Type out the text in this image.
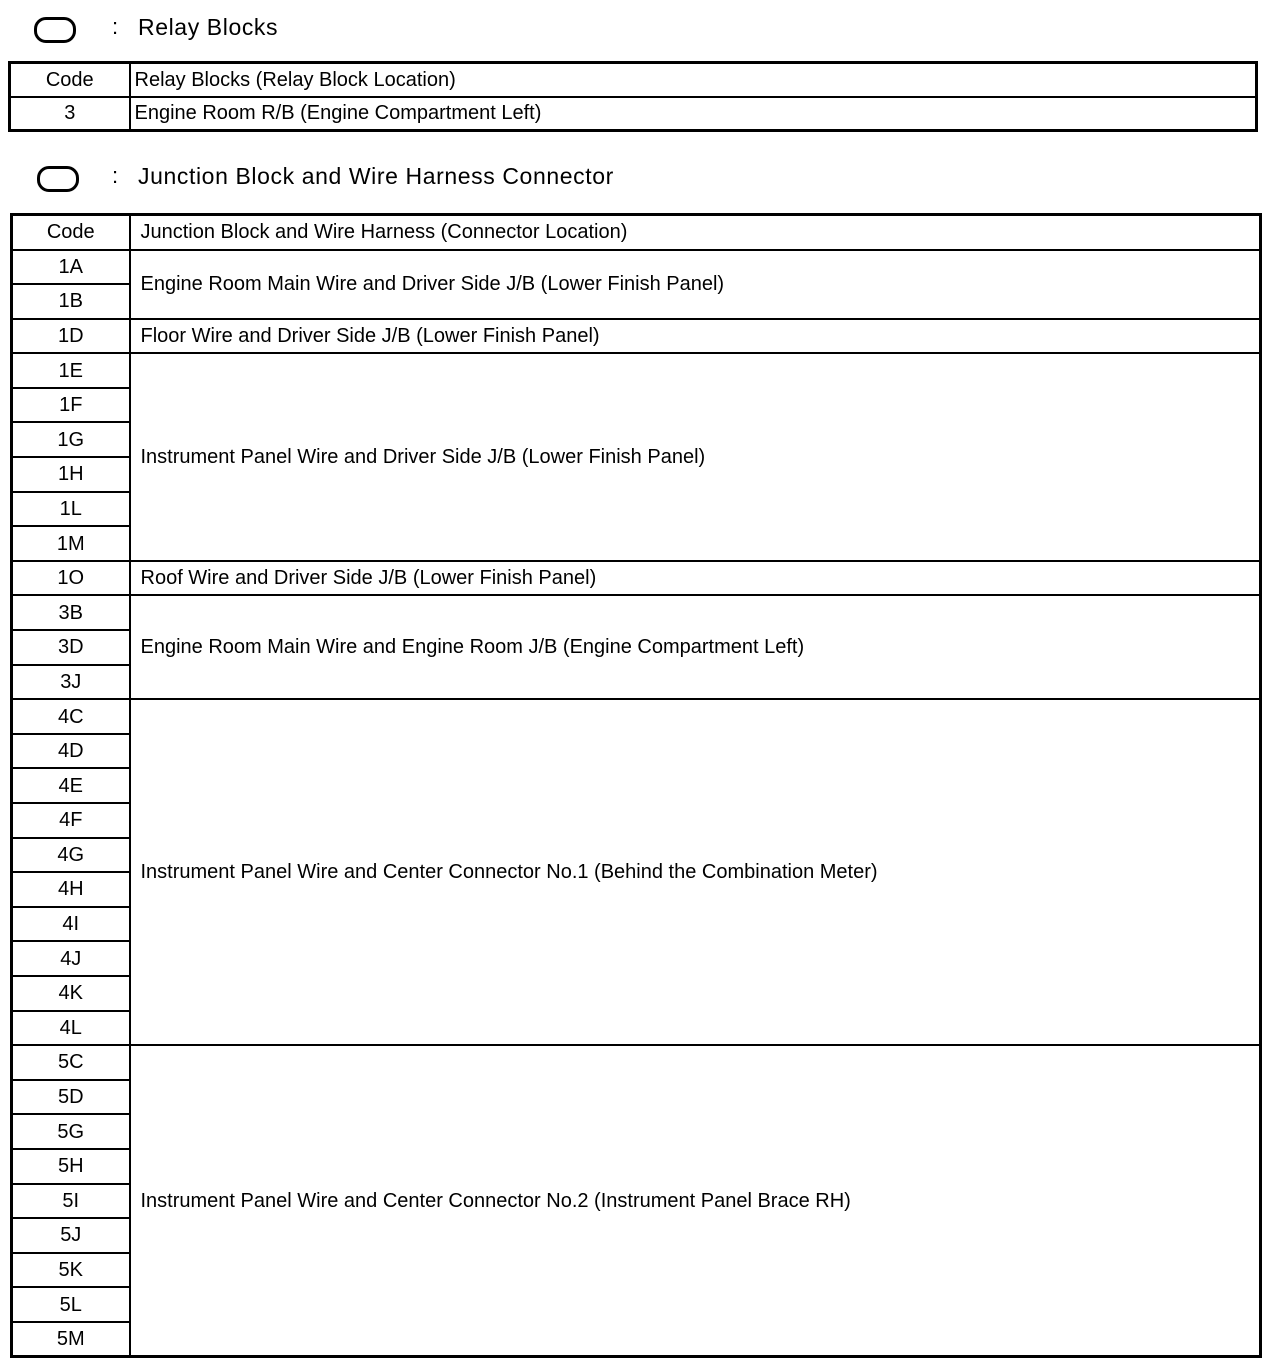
: Relay Blocks
Code	Relay Blocks (Relay Block Location)
3	Engine Room R/B (Engine Compartment Left)
: Junction Block and Wire Harness Connector
Code	Junction Block and Wire Harness (Connector Location)
1A	Engine Room Main Wire and Driver Side J/B (Lower Finish Panel)
1B	
1D	Floor Wire and Driver Side J/B (Lower Finish Panel)
1E	Instrument Panel Wire and Driver Side J/B (Lower Finish Panel)
1F	
1G	
1H	
1L	
1M	
1O	Roof Wire and Driver Side J/B (Lower Finish Panel)
3B	Engine Room Main Wire and Engine Room J/B (Engine Compartment Left)
3D	
3J	
4C	Instrument Panel Wire and Center Connector No.1 (Behind the Combination Meter)
4D	
4E	
4F	
4G	
4H	
4I	
4J	
4K	
4L	
5C	Instrument Panel Wire and Center Connector No.2 (Instrument Panel Brace RH)
5D	
5G	
5H	
5I	
5J	
5K	
5L	
5M	
